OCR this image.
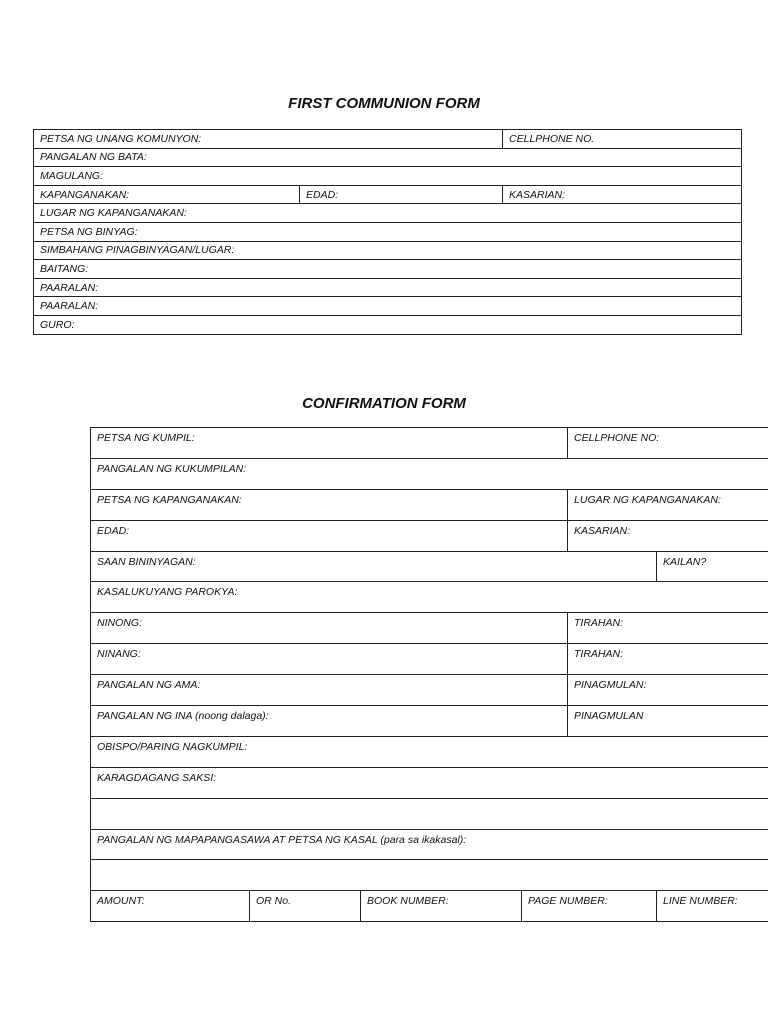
FIRST COMMUNION FORM
PETSA NG UNANG KOMUNYON:		CELLPHONE NO.
PANGALAN NG BATA:		
MAGULANG:		
KAPANGANAKAN:	EDAD:	KASARIAN:
LUGAR NG KAPANGANAKAN:		
PETSA NG BINYAG:		
SIMBAHANG PINAGBINYAGAN/LUGAR:		
BAITANG:		
PAARALAN:		
PAARALAN:		
GURO:		
CONFIRMATION FORM
PETSA NG KUMPIL:				CELLPHONE NO:	
PANGALAN NG KUKUMPILAN:					
PETSA NG KAPANGANAKAN:				LUGAR NG KAPANGANAKAN:	
EDAD:				KASARIAN:	
SAAN BININYAGAN:					KAILAN?
KASALUKUYANG PAROKYA:					
NINONG:				TIRAHAN:	
NINANG:				TIRAHAN:	
PANGALAN NG AMA:				PINAGMULAN:	
PANGALAN NG INA (noong dalaga):				PINAGMULAN	
OBISPO/PARING NAGKUMPIL:					
KARAGDAGANG SAKSI:					

PANGALAN NG MAPAPANGASAWA AT PETSA NG KASAL (para sa ikakasal):					

AMOUNT:	OR No.	BOOK NUMBER:	PAGE NUMBER:		LINE NUMBER:
